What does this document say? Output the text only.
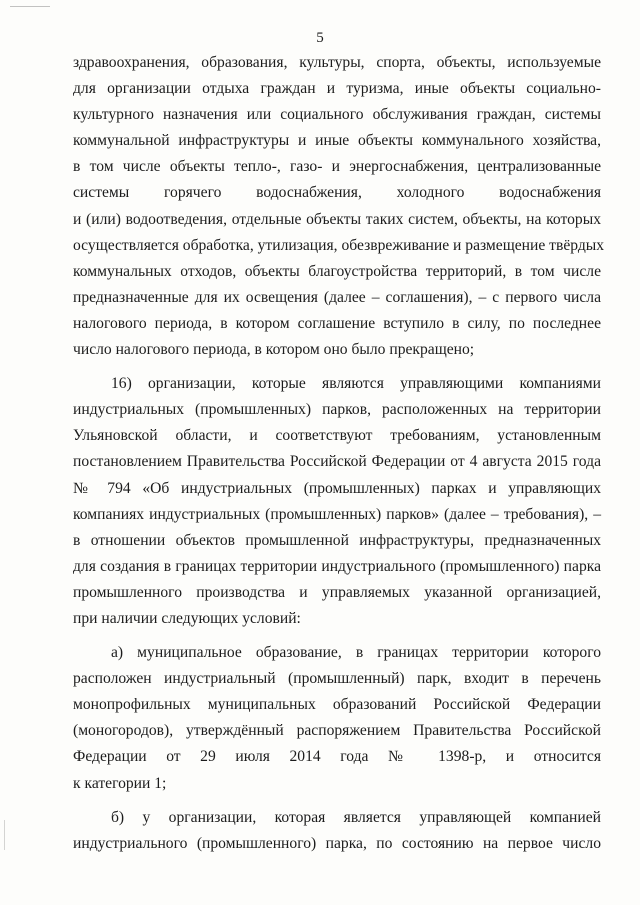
5
здравоохранения, образования, культуры, спорта, объекты, используемые
для организации отдыха граждан и туризма, иные объекты социально-
культурного назначения или социального обслуживания граждан, системы
коммунальной инфраструктуры и иные объекты коммунального хозяйства,
в том числе объекты тепло-, газо- и энергоснабжения, централизованные
системы горячего водоснабжения, холодного водоснабжения
и (или) водоотведения, отдельные объекты таких систем, объекты, на которых
осуществляется обработка, утилизация, обезвреживание и размещение твёрдых
коммунальных отходов, объекты благоустройства территорий, в том числе
предназначенные для их освещения (далее – соглашения), – с первого числа
налогового периода, в котором соглашение вступило в силу, по последнее
число налогового периода, в котором оно было прекращено;
16) организации, которые являются управляющими компаниями
индустриальных (промышленных) парков, расположенных на территории
Ульяновской области, и соответствуют требованиям, установленным
постановлением Правительства Российской Федерации от 4 августа 2015 года
№ 794 «Об индустриальных (промышленных) парках и управляющих
компаниях индустриальных (промышленных) парков» (далее – требования), –
в отношении объектов промышленной инфраструктуры, предназначенных
для создания в границах территории индустриального (промышленного) парка
промышленного производства и управляемых указанной организацией,
при наличии следующих условий:
а) муниципальное образование, в границах территории которого
расположен индустриальный (промышленный) парк, входит в перечень
монопрофильных муниципальных образований Российской Федерации
(моногородов), утверждённый распоряжением Правительства Российской
Федерации от 29 июля 2014 года № 1398-р, и относится
к категории 1;
б) у организации, которая является управляющей компанией
индустриального (промышленного) парка, по состоянию на первое число
